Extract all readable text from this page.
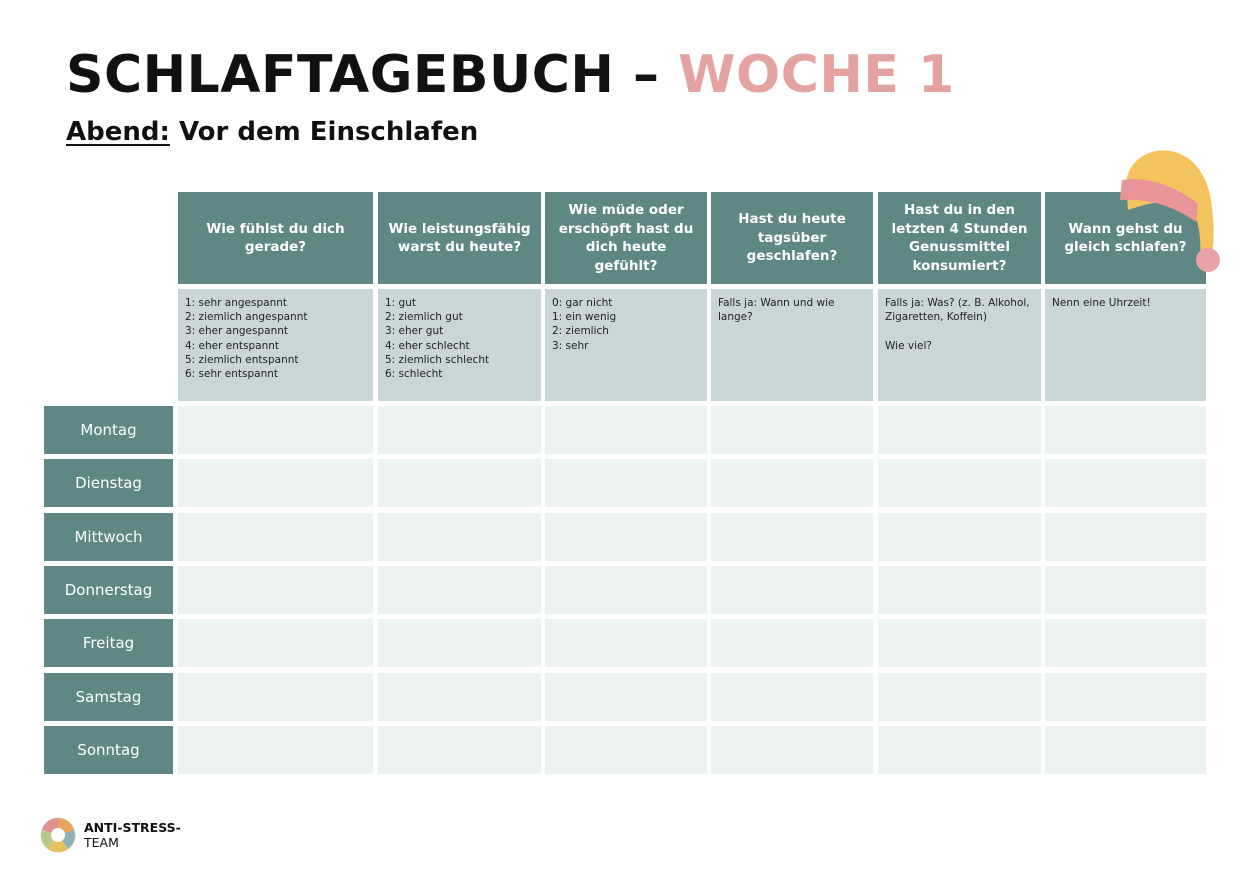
SCHLAFTAGEBUCH – WOCHE 1
Abend: Vor dem Einschlafen
Wie fühlst du dich gerade?
1: sehr angespannt
2: ziemlich angespannt
3: eher angespannt
4: eher entspannt
5: ziemlich entspannt
6: sehr entspannt
Wie leistungsfähig warst du heute?
1: gut
2: ziemlich gut
3: eher gut
4: eher schlecht
5: ziemlich schlecht
6: schlecht
Wie müde oder erschöpft hast du dich heute gefühlt?
0: gar nicht
1: ein wenig
2: ziemlich
3: sehr
Hast du heute tagsüber geschlafen?
Falls ja: Wann und wie lange?
Hast du in den letzten 4 Stunden Genussmittel konsumiert?
Falls ja: Was? (z. B. Alkohol, Zigaretten, Koffein)

Wie viel?
Wann gehst du gleich schlafen?
Nenn eine Uhrzeit!
Montag
Dienstag
Mittwoch
Donnerstag
Freitag
Samstag
Sonntag
ANTI-STRESS-
TEAM
